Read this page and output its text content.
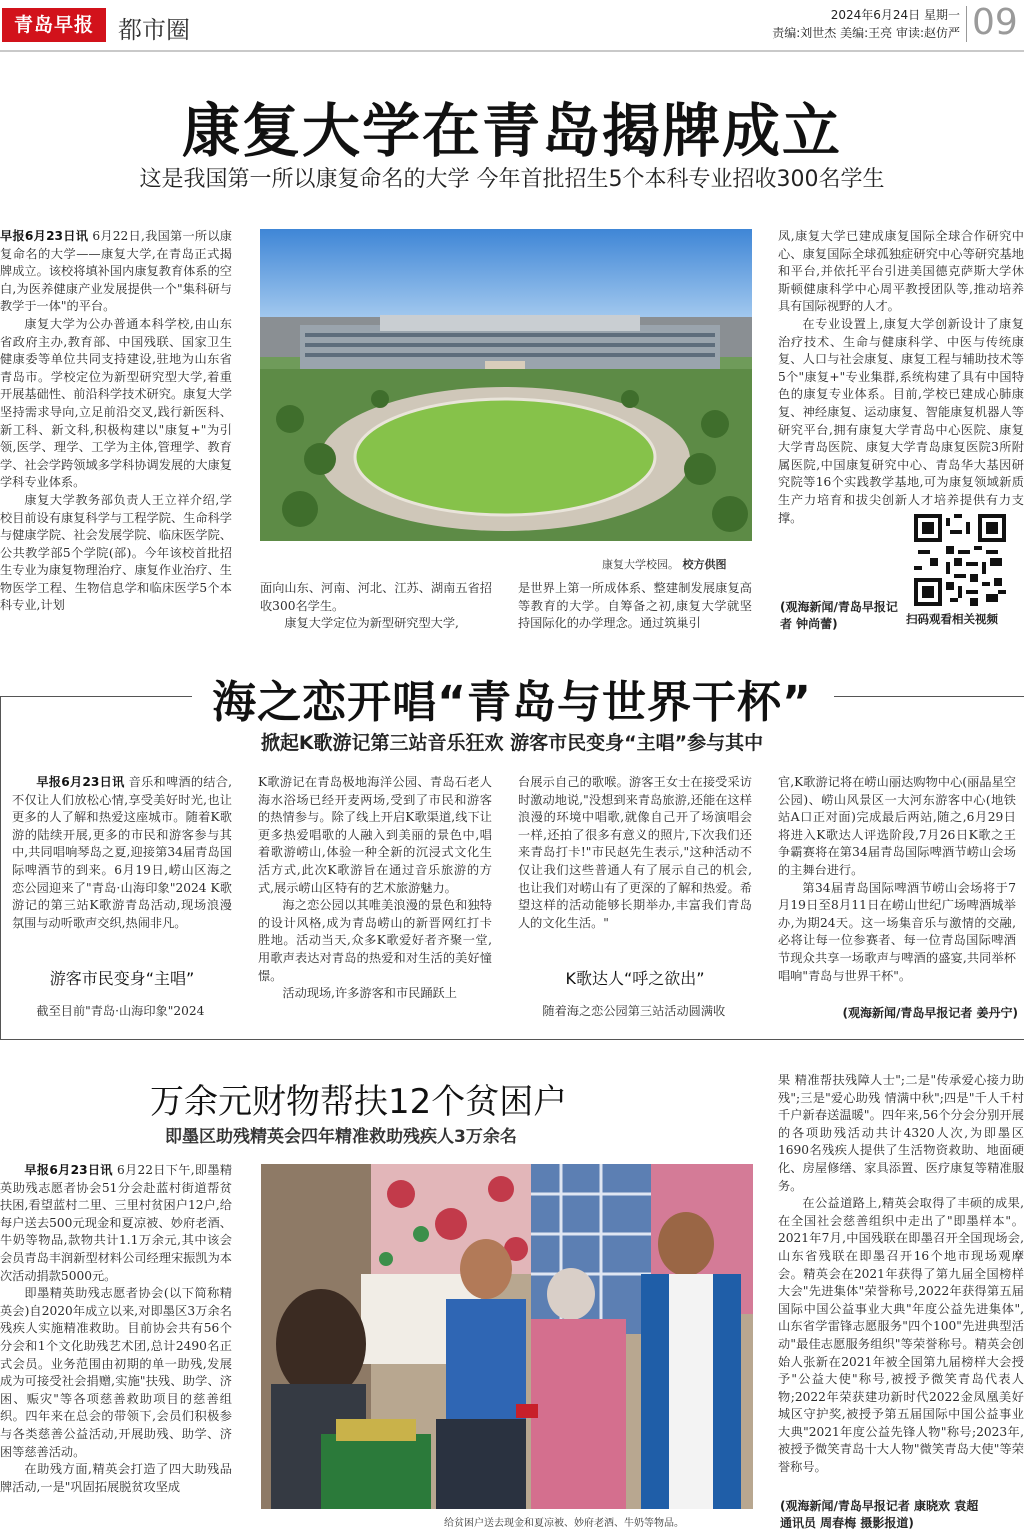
青岛早报	都市圈
2024年6月24日 星期一
责编:刘世杰 美编:王亮 审读:赵仿严 09
康复大学在青岛揭牌成立
这是我国第一所以康复命名的大学 今年首批招生5个本科专业招收300名学生

早报6月23日讯 6月22日,我国第一所以康复命名的大学——康复大学,在青岛正式揭牌成立。该校将填补国内康复教育体系的空白,为医养健康产业发展提供一个"集科研与教学于一体"的平台。

康复大学为公办普通本科学校,由山东省政府主办,教育部、中国残联、国家卫生健康委等单位共同支持建设,驻地为山东省青岛市。学校定位为新型研究型大学,着重开展基础性、前沿科学技术研究。康复大学坚持需求导向,立足前沿交叉,践行新医科、新工科、新文科,积极构建以"康复+"为引领,医学、理学、工学为主体,管理学、教育学、社会学跨领域多学科协调发展的大康复学科专业体系。

康复大学教务部负责人王立祥介绍,学校目前设有康复科学与工程学院、生命科学与健康学院、社会发展学院、临床医学院、公共教学部5个学院(部)。今年该校首批招生专业为康复物理治疗、康复作业治疗、生物医学工程、生物信息学和临床医学5个本科专业,计划

康复大学校园。 校方供图

面向山东、河南、河北、江苏、湖南五省招收300名学生。

康复大学定位为新型研究型大学,

是世界上第一所成体系、整建制发展康复高等教育的大学。自筹备之初,康复大学就坚持国际化的办学理念。通过筑巢引

凤,康复大学已建成康复国际全球合作研究中心、康复国际全球孤独症研究中心等研究基地和平台,并依托平台引进美国德克萨斯大学休斯顿健康科学中心周平教授团队等,推动培养具有国际视野的人才。

在专业设置上,康复大学创新设计了康复治疗技术、生命与健康科学、中医与传统康复、人口与社会康复、康复工程与辅助技术等5个"康复+"专业集群,系统构建了具有中国特色的康复专业体系。目前,学校已建成心肺康复、神经康复、运动康复、智能康复机器人等研究平台,拥有康复大学青岛中心医院、康复大学青岛医院、康复大学青岛康复医院3所附属医院,中国康复研究中心、青岛华大基因研究院等16个实践教学基地,可为康复领域新质生产力培育和拔尖创新人才培养提供有力支撑。

(观海新闻/青岛早报记者 钟尚蕾)	扫码观看相关视频
海之恋开唱“青岛与世界干杯”
掀起K歌游记第三站音乐狂欢 游客市民变身“主唱”参与其中

早报6月23日讯 音乐和啤酒的结合,不仅让人们放松心情,享受美好时光,也让更多的人了解和热爱这座城市。随着K歌游的陆续开展,更多的市民和游客参与其中,共同唱响琴岛之夏,迎接第34届青岛国际啤酒节的到来。6月19日,崂山区海之恋公园迎来了"青岛·山海印象"2024 K歌游记的第三站K歌游青岛活动,现场浪漫氛围与动听歌声交织,热闹非凡。

游客市民变身“主唱”

截至目前"青岛·山海印象"2024

K歌游记在青岛极地海洋公园、青岛石老人海水浴场已经开麦两场,受到了市民和游客的热情参与。除了线上开启K歌渠道,线下让更多热爱唱歌的人融入到美丽的景色中,唱着歌游崂山,体验一种全新的沉浸式文化生活方式,此次K歌游旨在通过音乐旅游的方式,展示崂山区特有的艺术旅游魅力。

海之恋公园以其唯美浪漫的景色和独特的设计风格,成为青岛崂山的新晋网红打卡胜地。活动当天,众多K歌爱好者齐聚一堂,用歌声表达对青岛的热爱和对生活的美好憧憬。

活动现场,许多游客和市民踊跃上

台展示自己的歌喉。游客王女士在接受采访时激动地说,"没想到来青岛旅游,还能在这样浪漫的环境中唱歌,就像自己开了场演唱会一样,还拍了很多有意义的照片,下次我们还来青岛打卡!"市民赵先生表示,"这种活动不仅让我们这些普通人有了展示自己的机会,也让我们对崂山有了更深的了解和热爱。希望这样的活动能够长期举办,丰富我们青岛人的文化生活。"

K歌达人“呼之欲出”

随着海之恋公园第三站活动圆满收

官,K歌游记将在崂山丽达购物中心(丽晶星空公园)、崂山风景区一大河东游客中心(地铁站A口正对面)完成最后两站,随之,6月29日将进入K歌达人评选阶段,7月26日K歌之王争霸赛将在第34届青岛国际啤酒节崂山会场的主舞台进行。

第34届青岛国际啤酒节崂山会场将于7月19日至8月11日在崂山世纪广场啤酒城举办,为期24天。这一场集音乐与激情的交融,必将让每一位参赛者、每一位青岛国际啤酒节现众共享一场歌声与啤酒的盛宴,共同举杯唱响"青岛与世界干杯"。

(观海新闻/青岛早报记者 姜丹宁)
万余元财物帮扶12个贫困户
即墨区助残精英会四年精准救助残疾人3万余名

早报6月23日讯 6月22日下午,即墨精英助残志愿者协会51分会赴蓝村街道帮贫扶困,看望蓝村二里、三里村贫困户12户,给每户送去500元现金和夏凉被、妙府老酒、牛奶等物品,款物共计1.1万余元,其中该会会员青岛丰润新型材料公司经理宋振凯为本次活动捐款5000元。

即墨精英助残志愿者协会(以下简称精英会)自2020年成立以来,对即墨区3万余名残疾人实施精准救助。目前协会共有56个分会和1个文化助残艺术团,总计2490名正式会员。业务范围由初期的单一助残,发展成为可接受社会捐赠,实施"扶残、助学、济困、赈灾"等各项慈善救助项目的慈善组织。四年来在总会的带领下,会员们积极参与各类慈善公益活动,开展助残、助学、济困等慈善活动。

在助残方面,精英会打造了四大助残品牌活动,一是"巩固拓展脱贫攻坚成

给贫困户送去现金和夏凉被、妙府老酒、牛奶等物品。

果 精准帮扶残障人士";二是"传承爱心接力助残";三是"爱心助残 情满中秋";四是"千人千村千户新春送温暖"。四年来,56个分会分别开展的各项助残活动共计4320人次,为即墨区1690名残疾人提供了生活物资救助、地面硬化、房屋修缮、家具添置、医疗康复等精准服务。

在公益道路上,精英会取得了丰硕的成果,在全国社会慈善组织中走出了"即墨样本"。2021年7月,中国残联在即墨召开全国现场会,山东省残联在即墨召开16个地市现场观摩会。精英会在2021年获得了第九届全国榜样大会"先进集体"荣誉称号,2022年获得第五届国际中国公益事业大典"年度公益先进集体",山东省学雷锋志愿服务"四个100"先进典型活动"最佳志愿服务组织"等荣誉称号。精英会创始人张新在2021年被全国第九届榜样大会授予"公益大使"称号,被授予微笑青岛代表人物;2022年荣获建功新时代2022金凤凰美好城区守护奖,被授予第五届国际中国公益事业大典"2021年度公益先锋人物"称号;2023年,被授予微笑青岛十大人物"微笑青岛大使"等荣誉称号。

(观海新闻/青岛早报记者 康晓欢 袁超
通讯员 周春梅 摄影报道)
